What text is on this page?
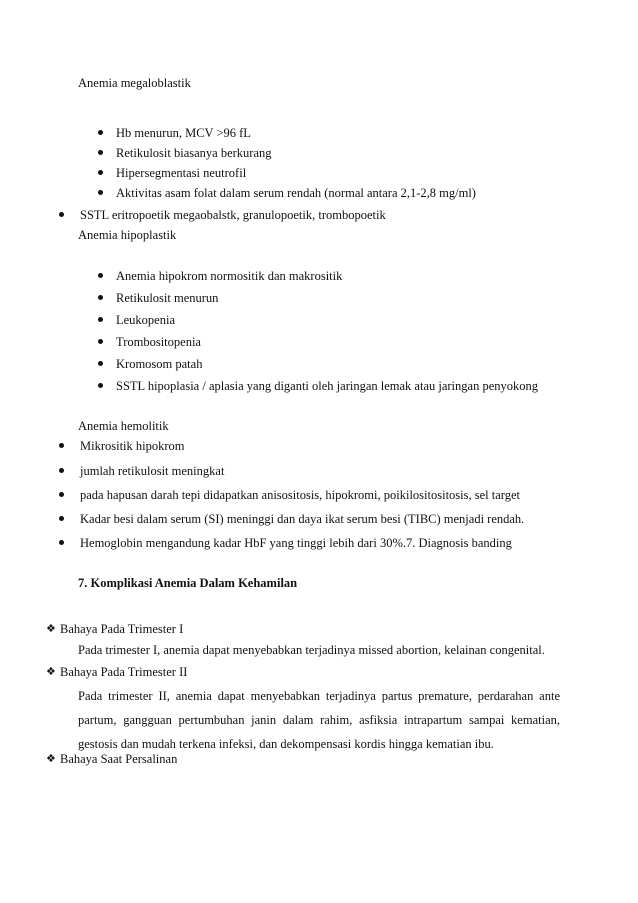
Anemia megaloblastik
Hb menurun, MCV >96 fL
Retikulosit biasanya berkurang
Hipersegmentasi neutrofil
Aktivitas asam folat dalam serum rendah (normal antara 2,1-2,8 mg/ml)
SSTL eritropoetik megaobalstk, granulopoetik, trombopoetik
Anemia hipoplastik
Anemia hipokrom normositik dan makrositik
Retikulosit menurun
Leukopenia
Trombositopenia
Kromosom patah
SSTL hipoplasia / aplasia yang diganti oleh jaringan lemak atau jaringan penyokong
Anemia hemolitik
Mikrositik hipokrom
jumlah retikulosit meningkat
pada hapusan darah tepi didapatkan anisositosis, hipokromi, poikilositositosis, sel target
Kadar besi dalam serum (SI) meninggi dan daya ikat serum besi (TIBC) menjadi rendah.
Hemoglobin mengandung kadar HbF yang tinggi lebih dari 30%.7. Diagnosis banding
7. Komplikasi Anemia Dalam Kehamilan
❖ Bahaya Pada Trimester I
Pada trimester I, anemia dapat menyebabkan terjadinya missed abortion, kelainan congenital.
❖ Bahaya Pada Trimester II
Pada trimester II, anemia dapat menyebabkan terjadinya partus premature, perdarahan ante
partum, gangguan pertumbuhan janin dalam rahim, asfiksia intrapartum sampai kematian,
gestosis dan mudah terkena infeksi, dan dekompensasi kordis hingga kematian ibu.
❖ Bahaya Saat Persalinan
